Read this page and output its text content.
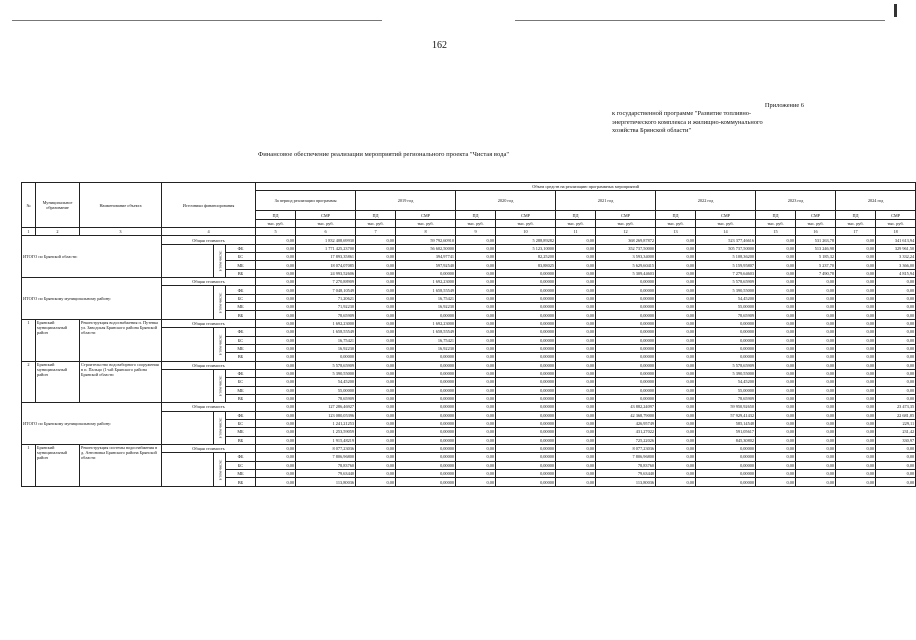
162
Приложение 6
к государственной программе "Развитие топливно-
энергетического комплекса и жилищно-коммунального
хозяйства Брянской области"
Финансовое обеспечение реализации мероприятий регионального проекта "Чистая вода"
№	Муниципальное образование	Наименование объекта	Источники финансирования			Объем средств на реализацию программных мероприятий													
						За период реализации программы		2019 год		2020 год		2021 год		2022 год		2023 год		2024 год	
						ПД	СМР	ПД	СМР	ПД	СМР	ПД	СМР	ПД	СМР	ПД	СМР	ПД	СМР
						тыс. руб.	тыс. руб.	тыс. руб.	тыс. руб.	тыс. руб.	тыс. руб.	тыс. руб.	тыс. руб.	тыс. руб.	тыс. руб.	тыс. руб.	тыс. руб.	тыс. руб.	тыс. руб.
1	2	3	4			5	6	7	8	9	10	11	12	13	14	15	16	17	18
ИТОГО по Брянской области:			Общая стоимость			0,00	1 832 408,69930	0,00	59 792,60910	0,00	5 288,89282	0,00	368 269,87872	0,00	523 377,46616	0,00	531 263,78	0,00	341 613,94
				в том числе:	ФБ	0,00	1 771 425,23700	0,00	56 602,50000	0,00	5 123,10000	0,00	352 737,50000	0,00	505 737,50000	0,00	513 246,98	0,00	329 961,50
					БС	0,00	17 893,35861	0,00	394,97741	0,00	82,25200	0,00	3 593,34000	0,00	5 108,36200	0,00	5 185,32	0,00	3 332,24
					МБ	0,00	18 074,07085	0,00	597,92540	0,00	83,88025	0,00	5 629,60415	0,00	5 159,95807	0,00	5 237,70	0,00	3 366,00
					ВБ	0,00	24 993,52606	0,00	0,00000	0,00	0,00000	0,00	5 309,44603	0,00	7 279,64603	0,00	7 490,78	0,00	4 815,94
ИТОГО по Брянскому муниципальному району:			Общая стоимость			0,00	7 270,88909	0,00	1 692,23000	0,00	0,00000	0,00	0,00000	0,00	5 578,65909	0,00	0,00	0,00	0,00
				в том числе:	ФБ	0,00	7 048,10549	0,00	1 658,55549	0,00	0,00000	0,00	0,00000	0,00	5 390,55000	0,00	0,00	0,00	0,00
					БС	0,00	71,20621	0,00	16,75421	0,00	0,00000	0,00	0,00000	0,00	54,45200	0,00	0,00	0,00	0,00
					МБ	0,00	71,92230	0,00	16,92230	0,00	0,00000	0,00	0,00000	0,00	55,00000	0,00	0,00	0,00	0,00
					ВБ	0,00	78,65909	0,00	0,00000	0,00	0,00000	0,00	0,00000	0,00	78,65909	0,00	0,00	0,00	0,00
1	Брянский муниципальный район	Реконструкция водоснабжения п. Путевка ул. Заводская Брянского района Брянской области	Общая стоимость			0,00	1 692,23000	0,00	1 692,23000	0,00	0,00000	0,00	0,00000	0,00	0,00000	0,00	0,00	0,00	0,00
				в том числе:	ФБ	0,00	1 658,55549	0,00	1 658,55549	0,00	0,00000	0,00	0,00000	0,00	0,00000	0,00	0,00	0,00	0,00
					БС	0,00	16,75421	0,00	16,75421	0,00	0,00000	0,00	0,00000	0,00	0,00000	0,00	0,00	0,00	0,00
					МБ	0,00	16,92230	0,00	16,92230	0,00	0,00000	0,00	0,00000	0,00	0,00000	0,00	0,00	0,00	0,00
					ВБ	0,00	0,00000	0,00	0,00000	0,00	0,00000	0,00	0,00000	0,00	0,00000	0,00	0,00	0,00	0,00
2	Брянский муниципальный район	Строительство водозаборного сооружения в п. Пальцо (1-ый Брянского района Брянской области	Общая стоимость			0,00	5 578,65909	0,00	0,00000	0,00	0,00000	0,00	0,00000	0,00	5 578,65909	0,00	0,00	0,00	0,00
				в том числе:	ФБ	0,00	5 390,55000	0,00	0,00000	0,00	0,00000	0,00	0,00000	0,00	5 390,55000	0,00	0,00	0,00	0,00
					БС	0,00	54,45200	0,00	0,00000	0,00	0,00000	0,00	0,00000	0,00	54,45200	0,00	0,00	0,00	0,00
					МБ	0,00	55,00000	0,00	0,00000	0,00	0,00000	0,00	0,00000	0,00	55,00000	0,00	0,00	0,00	0,00
					ВБ	0,00	78,65909	0,00	0,00000	0,00	0,00000	0,00	0,00000	0,00	78,65909	0,00	0,00	0,00	0,00
ИТОГО по Брянскому муниципальному району:			Общая стоимость			0,00	127 286,46927	0,00	0,00000	0,00	0,00000	0,00	43 882,24097	0,00	59 950,92650	0,00	0,00	0,00	23 473,35
				в том числе:	ФБ	0,00	123 080,05396	0,00	0,00000	0,00	0,00000	0,00	42 368,79000	0,00	57 929,41432	0,00	0,00	0,00	22 681,85
					БС	0,00	1 241,21253	0,00	0,00000	0,00	0,00000	0,00	426,95749	0,00	585,14548	0,00	0,00	0,00	229,11
					МБ	0,00	1 253,59059	0,00	0,00000	0,00	0,00000	0,00	431,27022	0,00	591,05617	0,00	0,00	0,00	231,42
					ВБ	0,00	1 915,48219	0,00	0,00000	0,00	0,00000	0,00	725,22026	0,00	845,30802	0,00	0,00	0,00	330,97
1	Брянский муниципальный район	Реконструкция системы водоснабжения в д. Антоновка Брянского района Брянской области	Общая стоимость			0,00	8 077,23036	0,00	0,00000	0,00	0,00000	0,00	8 077,23036	0,00	0,00000	0,00	0,00	0,00	0,00
				в том числе:	ФБ	0,00	7 806,96800	0,00	0,00000	0,00	0,00000	0,00	7 806,96800	0,00	0,00000	0,00	0,00	0,00	0,00
					БС	0,00	78,83760	0,00	0,00000	0,00	0,00000	0,00	78,83760	0,00	0,00000	0,00	0,00	0,00	0,00
					МБ	0,00	79,63440	0,00	0,00000	0,00	0,00000	0,00	79,63440	0,00	0,00000	0,00	0,00	0,00	0,00
					ВБ	0,00	113,80036	0,00	0,00000	0,00	0,00000	0,00	113,80036	0,00	0,00000	0,00	0,00	0,00	0,00
